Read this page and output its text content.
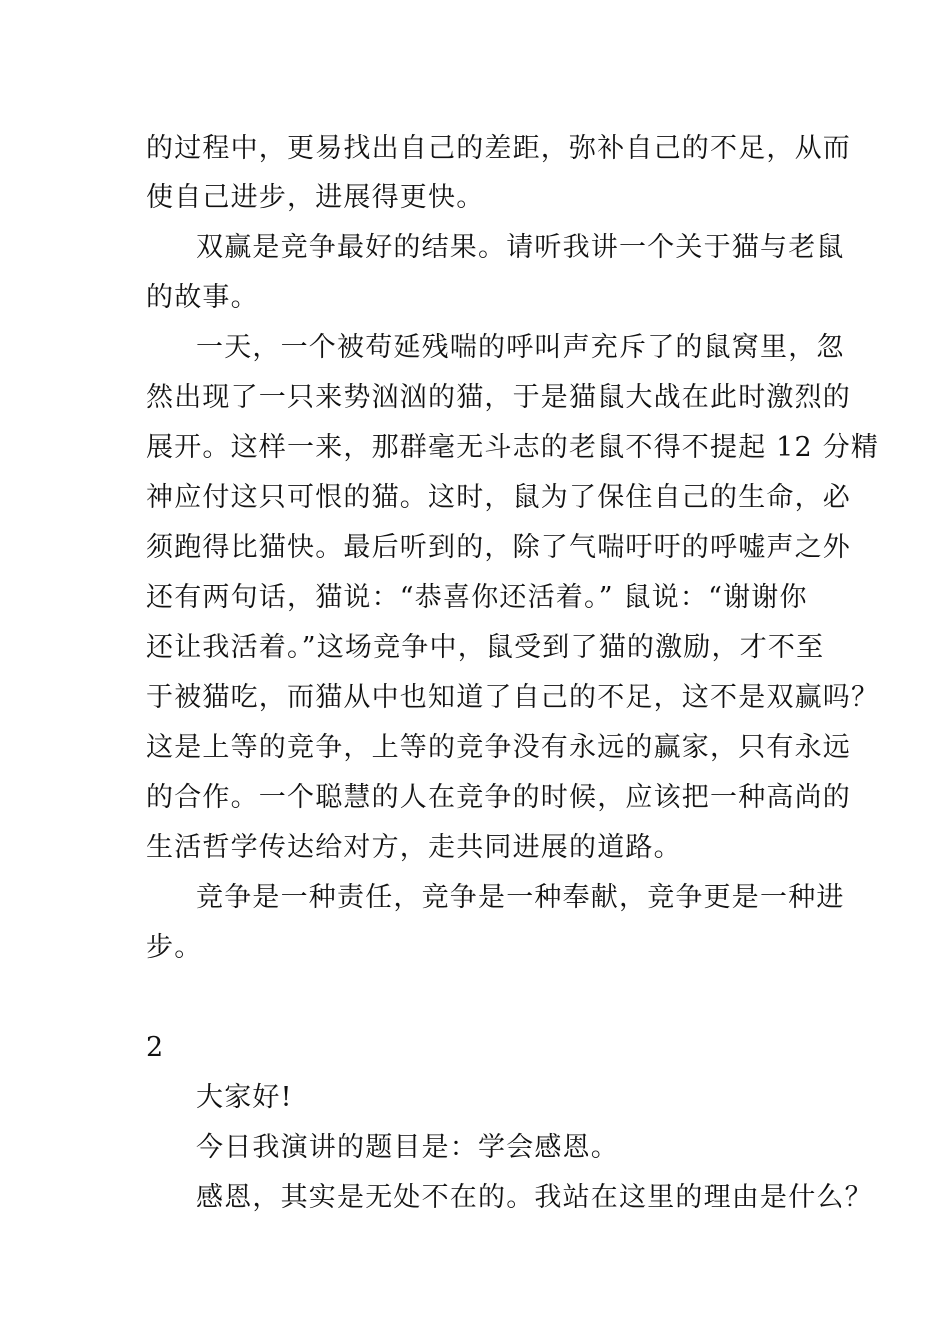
的过程中，更易找出自己的差距，弥补自己的不足，从而
使自己进步，进展得更快。
双赢是竞争最好的结果。请听我讲一个关于猫与老鼠
的故事。
一天，一个被苟延残喘的呼叫声充斥了的鼠窝里，忽
然出现了一只来势汹汹的猫，于是猫鼠大战在此时激烈的
展开。这样一来，那群毫无斗志的老鼠不得不提起 12 分精
神应付这只可恨的猫。这时，鼠为了保住自己的生命，必
须跑得比猫快。最后听到的，除了气喘吁吁的呼嘘声之外
还有两句话，猫说：“恭喜你还活着。” 鼠说：“谢谢你
还让我活着。”这场竞争中，鼠受到了猫的激励，才不至
于被猫吃，而猫从中也知道了自己的不足，这不是双赢吗？
这是上等的竞争，上等的竞争没有永远的赢家，只有永远
的合作。一个聪慧的人在竞争的时候，应该把一种高尚的
生活哲学传达给对方，走共同进展的道路。
竞争是一种责任，竞争是一种奉献，竞争更是一种进
步。
2
大家好!
今日我演讲的题目是：学会感恩。
感恩，其实是无处不在的。我站在这里的理由是什么？
